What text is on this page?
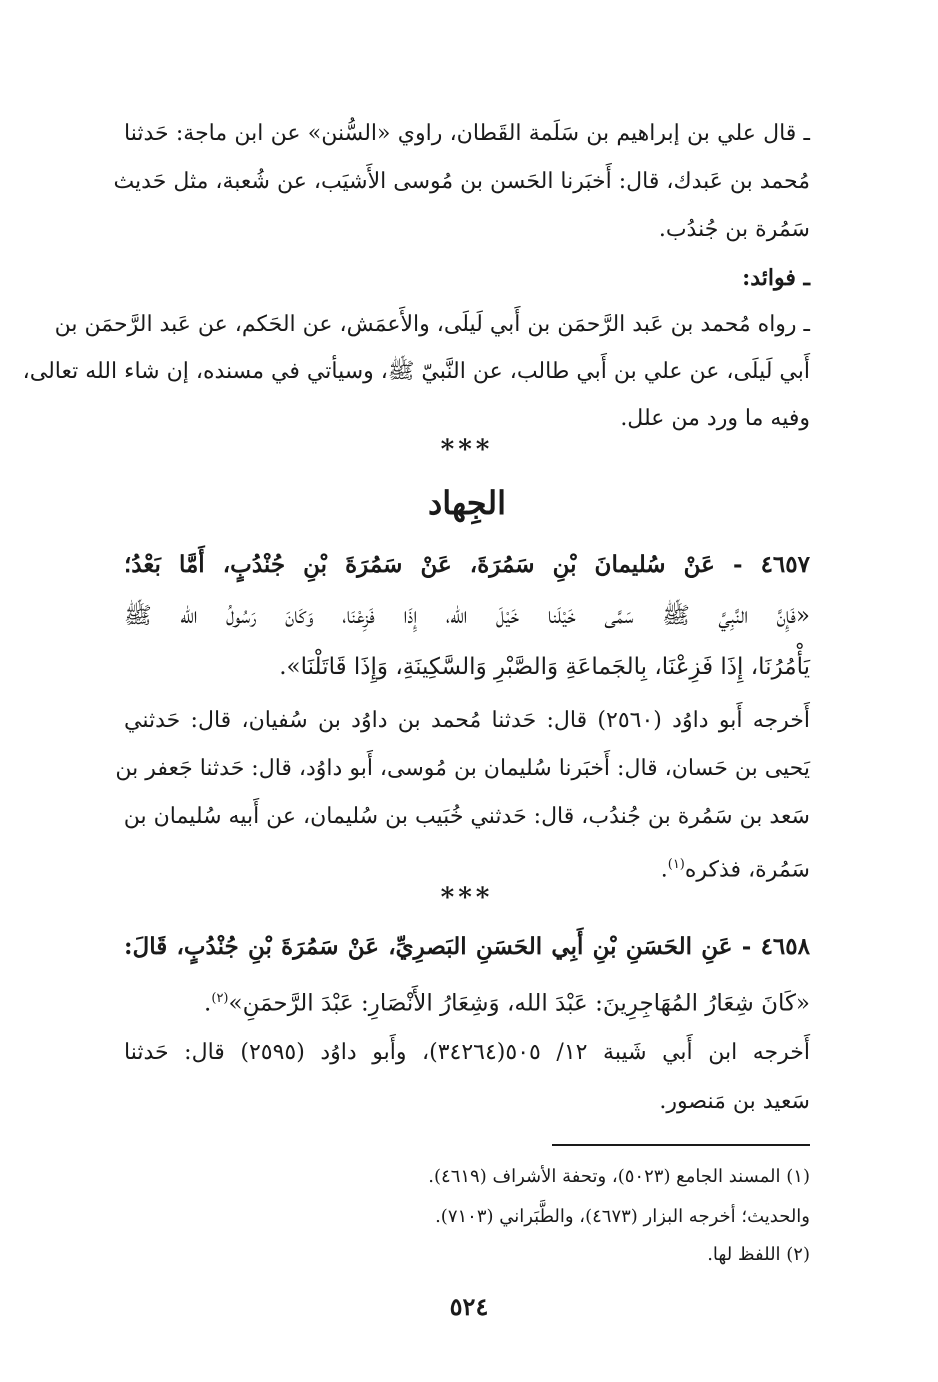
ـ قال علي بن إبراهيم بن سَلَمة القَطان، راوي «السُّنن» عن ابن ماجة: حَدثنا
مُحمد بن عَبدك، قال: أَخبَرنا الحَسن بن مُوسى الأَشيَب، عن شُعبة، مثل حَديث
سَمُرة بن جُندُب.
ـ فوائد:
ـ رواه مُحمد بن عَبد الرَّحمَن بن أَبي لَيلَى، والأَعمَش، عن الحَكم، عن عَبد الرَّحمَن بن
أَبي لَيلَى، عن علي بن أَبي طالب، عن النَّبيّ ﷺ، وسيأتي في مسنده، إن شاء الله تعالى،
وفيه ما ورد من علل.
***
الجِهاد
٤٦٥٧ - عَنْ سُليمانَ بْنِ سَمُرَةَ، عَنْ سَمُرَةَ بْنِ جُنْدُبٍ، أَمَّا بَعْدُ؛
«فَإِنَّ النَّبِيَّ ﷺ سَمَّى خَيْلَنا خَيْلَ الله، إِذَا فَزِعْنَا، وَكَانَ رَسُولُ الله ﷺ
يَأْمُرُنَا، إِذَا فَزِعْنَا، بِالجَماعَةِ وَالصَّبْرِ وَالسَّكِينَةِ، وَإِذَا قَاتَلْنَا».
أَخرجه أَبو داوُد (٢٥٦٠) قال: حَدثنا مُحمد بن داوُد بن سُفيان، قال: حَدثني
يَحيى بن حَسان، قال: أَخبَرنا سُليمان بن مُوسى، أَبو داوُد، قال: حَدثنا جَعفر بن
سَعد بن سَمُرة بن جُندُب، قال: حَدثني خُبَيب بن سُليمان، عن أَبيه سُليمان بن
سَمُرة، فذكره$^{(١)}$.
***
٤٦٥٨ - عَنِ الحَسَنِ بْنِ أَبِي الحَسَنِ البَصرِيِّ، عَنْ سَمُرَةَ بْنِ جُنْدُبٍ، قَالَ:
«كَانَ شِعَارُ المُهَاجِرِينَ: عَبْدَ الله، وَشِعَارُ الأَنْصَارِ: عَبْدَ الرَّحمَنِ»$^{(٢)}$.
أَخرجه ابن أَبي شَيبة ١٢/ ٥٠٥(٣٤٢٦٤)، وأَبو داوُد (٢٥٩٥) قال: حَدثنا
سَعيد بن مَنصور.
(١) المسند الجامع (٥٠٢٣)، وتحفة الأشراف (٤٦١٩).
والحديث؛ أخرجه البزار (٤٦٧٣)، والطَّبَراني (٧١٠٣).
(٢) اللفظ لها.
٥٢٤
